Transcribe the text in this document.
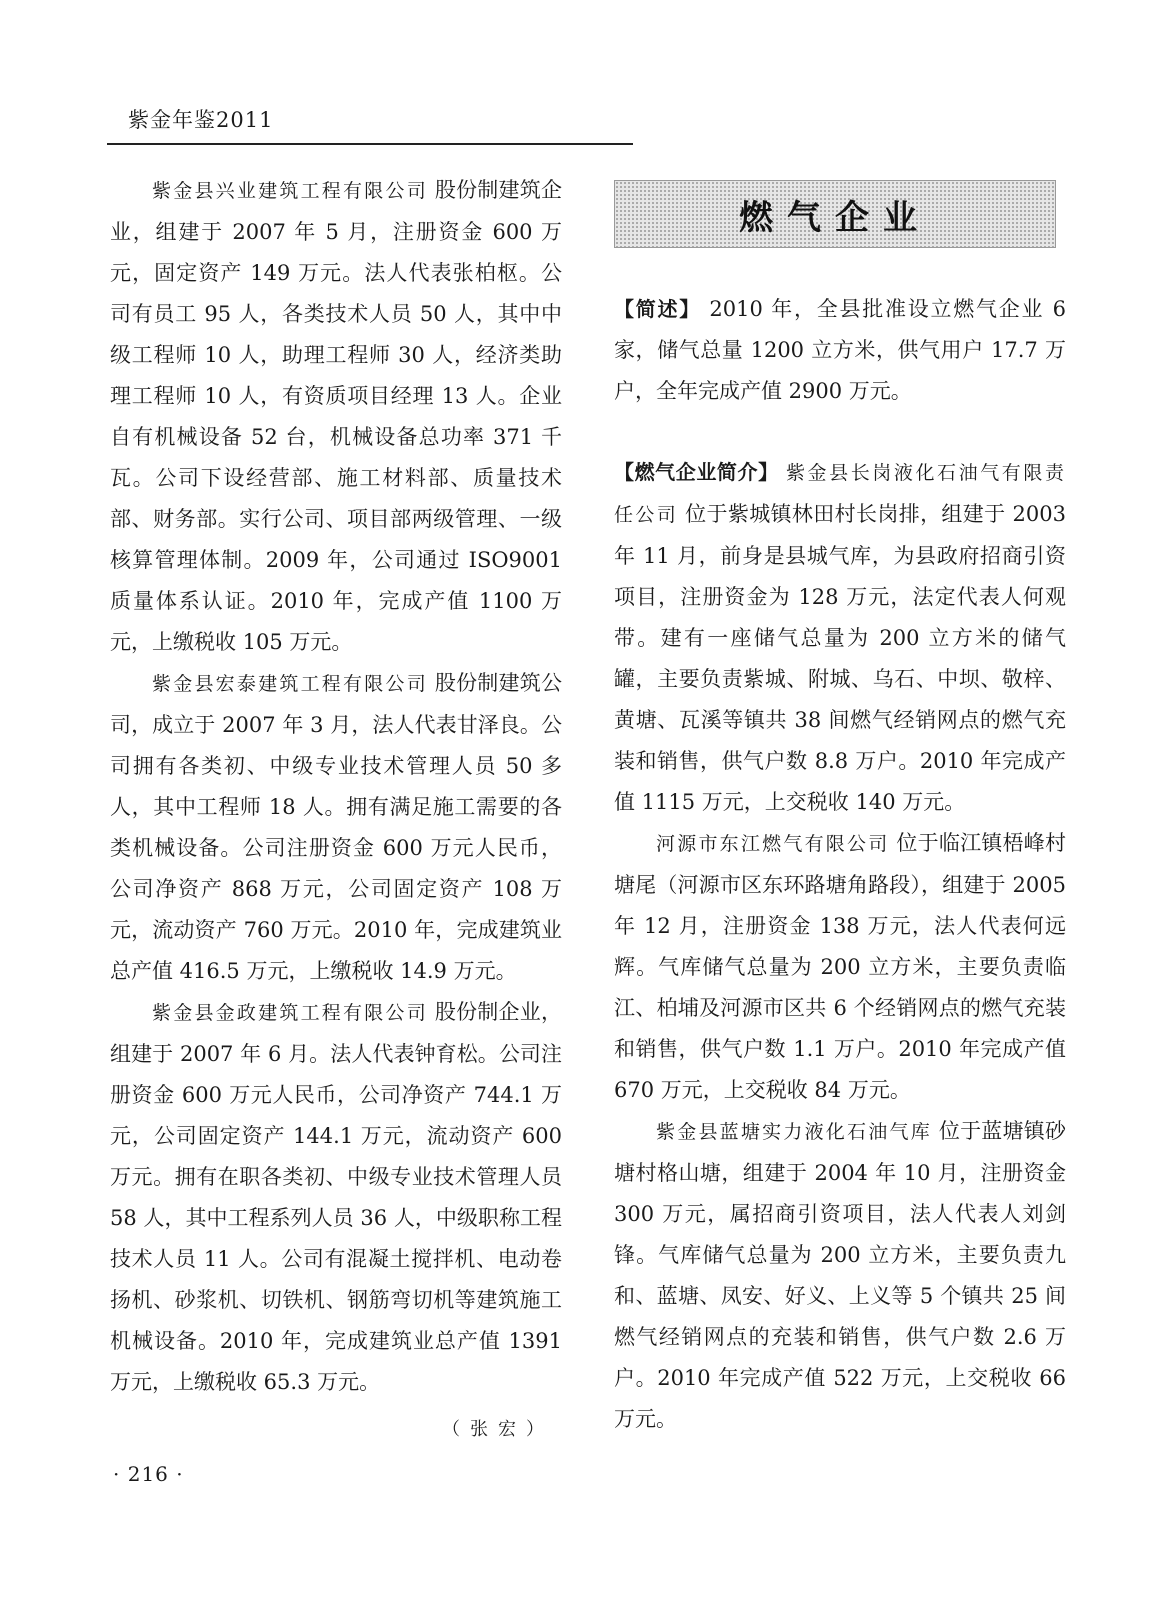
紫金年鉴2011

紫金县兴业建筑工程有限公司 股份制建筑企业，组建于 2007 年 5 月，注册资金 600 万元，固定资产 149 万元。法人代表张柏枢。公司有员工 95 人，各类技术人员 50 人，其中中级工程师 10 人，助理工程师 30 人，经济类助理工程师 10 人，有资质项目经理 13 人。企业自有机械设备 52 台，机械设备总功率 371 千瓦。公司下设经营部、施工材料部、质量技术部、财务部。实行公司、项目部两级管理、一级核算管理体制。2009 年，公司通过 ISO9001 质量体系认证。2010 年，完成产值 1100 万元，上缴税收 105 万元。

紫金县宏泰建筑工程有限公司 股份制建筑公司，成立于 2007 年 3 月，法人代表甘泽良。公司拥有各类初、中级专业技术管理人员 50 多人，其中工程师 18 人。拥有满足施工需要的各类机械设备。公司注册资金 600 万元人民币，公司净资产 868 万元，公司固定资产 108 万元，流动资产 760 万元。2010 年，完成建筑业总产值 416.5 万元，上缴税收 14.9 万元。

紫金县金政建筑工程有限公司 股份制企业，组建于 2007 年 6 月。法人代表钟育松。公司注册资金 600 万元人民币，公司净资产 744.1 万元，公司固定资产 144.1 万元，流动资产 600 万元。拥有在职各类初、中级专业技术管理人员 58 人，其中工程系列人员 36 人，中级职称工程技术人员 11 人。公司有混凝土搅拌机、电动卷扬机、砂浆机、切铁机、钢筋弯切机等建筑施工机械设备。2010 年，完成建筑业总产值 1391 万元，上缴税收 65.3 万元。

（张宏）
燃气企业

【简述】 2010 年，全县批准设立燃气企业 6 家，储气总量 1200 立方米，供气用户 17.7 万户，全年完成产值 2900 万元。

【燃气企业简介】 紫金县长岗液化石油气有限责任公司 位于紫城镇林田村长岗排，组建于 2003 年 11 月，前身是县城气库，为县政府招商引资项目，注册资金为 128 万元，法定代表人何观带。建有一座储气总量为 200 立方米的储气罐，主要负责紫城、附城、乌石、中坝、敬梓、黄塘、瓦溪等镇共 38 间燃气经销网点的燃气充装和销售，供气户数 8.8 万户。2010 年完成产值 1115 万元，上交税收 140 万元。

河源市东江燃气有限公司 位于临江镇梧峰村塘尾（河源市区东环路塘角路段），组建于 2005 年 12 月，注册资金 138 万元，法人代表何远辉。气库储气总量为 200 立方米，主要负责临江、柏埔及河源市区共 6 个经销网点的燃气充装和销售，供气户数 1.1 万户。2010 年完成产值 670 万元，上交税收 84 万元。

紫金县蓝塘实力液化石油气库 位于蓝塘镇砂塘村格山塘，组建于 2004 年 10 月，注册资金 300 万元，属招商引资项目，法人代表人刘剑锋。气库储气总量为 200 立方米，主要负责九和、蓝塘、凤安、好义、上义等 5 个镇共 25 间燃气经销网点的充装和销售，供气户数 2.6 万户。2010 年完成产值 522 万元，上交税收 66 万元。

· 216 ·
